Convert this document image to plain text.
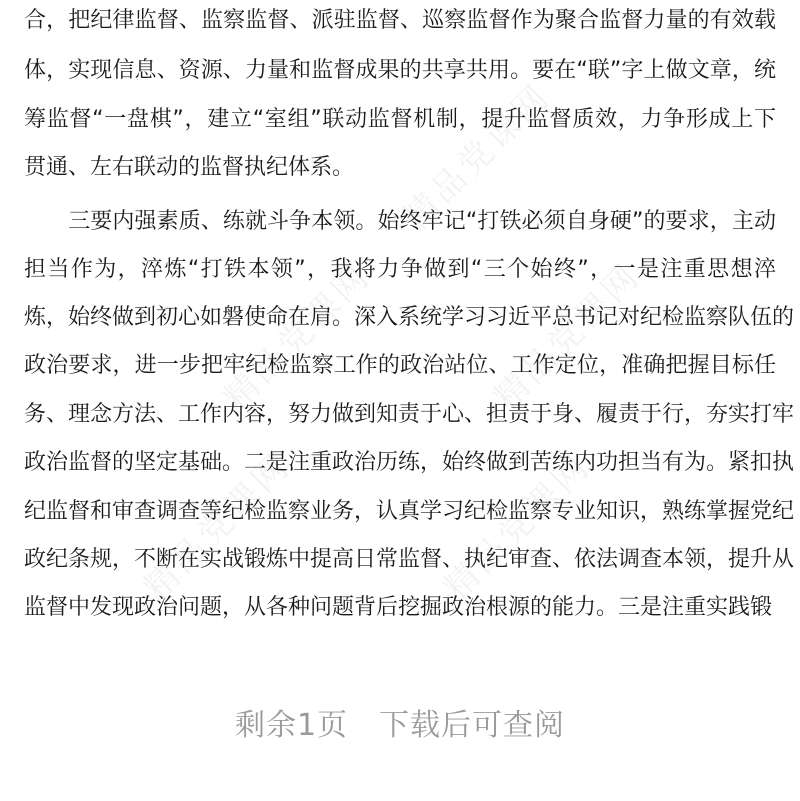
精品党课网
精品党课网	精品党课网
精品党课网	精品党课网
合，把纪律监督、监察监督、派驻监督、巡察监督作为聚合监督力量的有效载
体，实现信息、资源、力量和监督成果的共享共用。要在“联”字上做文章，统
筹监督“一盘棋”，建立“室组”联动监督机制，提升监督质效，力争形成上下
贯通、左右联动的监督执纪体系。
　　三要内强素质、练就斗争本领。始终牢记“打铁必须自身硬”的要求，主动
担当作为，淬炼“打铁本领”，我将力争做到“三个始终”，一是注重思想淬
炼，始终做到初心如磐使命在肩。深入系统学习习近平总书记对纪检监察队伍的
政治要求，进一步把牢纪检监察工作的政治站位、工作定位，准确把握目标任
务、理念方法、工作内容，努力做到知责于心、担责于身、履责于行，夯实打牢
政治监督的坚定基础。二是注重政治历练，始终做到苦练内功担当有为。紧扣执
纪监督和审查调查等纪检监察业务，认真学习纪检监察专业知识，熟练掌握党纪
政纪条规，不断在实战锻炼中提高日常监督、执纪审查、依法调查本领，提升从
监督中发现政治问题，从各种问题背后挖掘政治根源的能力。三是注重实践锻
剩余1页　下载后可查阅
